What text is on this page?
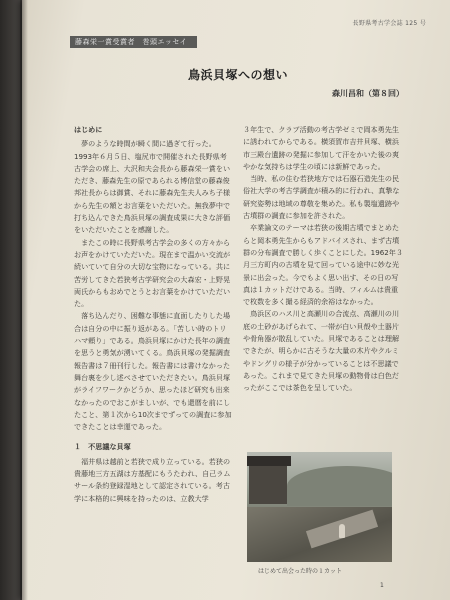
長野県考古学会誌 125 号
藤森栄一賞受賞者　巻頭エッセイ
鳥浜貝塚への想い
森川昌和（第８回）

はじめに

夢のような時間が瞬く間に過ぎて行った。1993年６月５日、塩尻市で開催された長野県考古学会の席上、大沢和夫会長から藤森栄一賞をいただき、藤森先生の原であられる博信堂の藤森俊邦社長からは御賞、それに藤森先生夫人みち子様から先生の額とお言葉をいただいた。無我夢中で打ち込んできた鳥浜貝塚の調査成果に大きな評価をいただいたことを感謝した。

またこの時に長野県考古学会の多くの方々からお声をかけていただいた。現在まで温かい交流が続いていて自分の大切な宝物になっている。共に苦労してきた若狭考古学研究会の大森宏・上野晃両氏からもおめでとうとお言葉をかけていただいた。

落ち込んだり、困難な事態に直面したりした場合は自分の中に振り返がある。「苦しい時のトリハマ頼り」である。鳥浜貝塚にかけた長年の調査を思うと勇気が湧いてくる。鳥浜貝塚の発掘調査報告書は７冊刊行した。報告書には書けなかった舞台裏を少し述べさせていただきたい。鳥浜貝塚がライフワークかどうか、思ったほど研究も出来なかったのでおこがましいが、でも還暦を前にしたこと、第１次から10次までずっての調査に参加できたことは幸運であった。

１　不思議な貝塚

福井県は越前と若狭で成り立っている。若狭の貴藤地三方五湖は方基配にもうたわれ、自己ラムサール条約登録湿地として認定されている。考古学に本格的に興味を持ったのは、立教大学

３年生で、クラブ活動の考古学ゼミで岡本勇先生に誘われてからである。横須賀市吉井貝塚、横浜市三殿台遺跡の発掘に参加して汗をかいた後の爽やかな気持ちは学生の頃には新鮮であった。

当時、私の住む若狭地方では石器石造先生の民俗社大学の考古学調査が積み的に行われ、真摯な研究姿勢は地域の尊敬を集めた。私も製塩遺跡や古墳群の調査に参加を許された。

卒業論文のテーマは若狭の後期古墳でまとめたらと岡本勇先生からもアドバイスされ、まず古墳群の分布調査で勝しく歩くことにした。1962年３月三方町内の古墳を見て回っている途中に妙な光景に出会った。今でもよく思い出す、その日の写真は１カットだけである。当時、フィルムは貴重で枚数を多く撮る経済的余裕はなかった。

鳥浜区のハス川と高瀬川の合流点、高瀬川の川底の土砂があげられて、一帯が白い貝殻や土器片や骨角器が散乱していた。貝塚であることは理解できたが、明らかに古そうな大量の木片やクルミやドングリの様子が分かっていることは不思議であった。これまで見てきた貝塚の動物骨は白色だったがここでは茶色を呈していた。

はじめて出会った時の１カット
1
